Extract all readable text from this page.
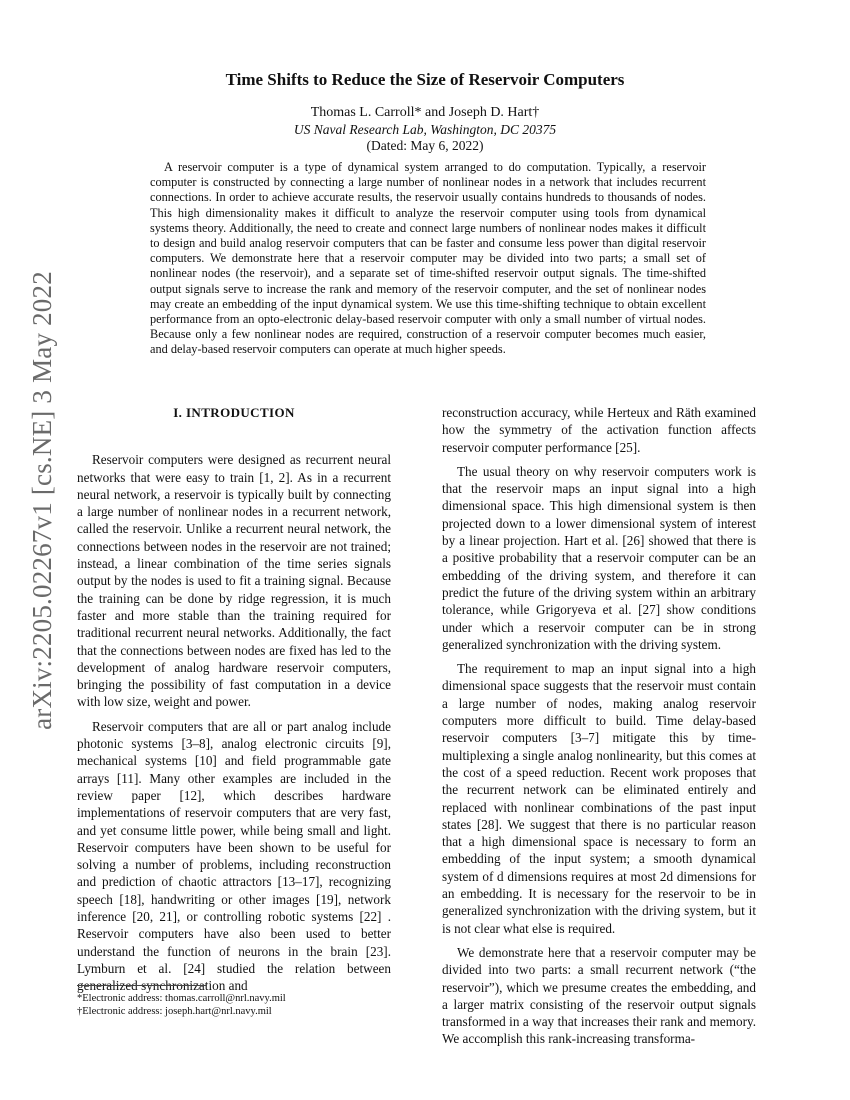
arXiv:2205.02267v1 [cs.NE] 3 May 2022
Time Shifts to Reduce the Size of Reservoir Computers
Thomas L. Carroll* and Joseph D. Hart†
US Naval Research Lab, Washington, DC 20375
(Dated: May 6, 2022)

A reservoir computer is a type of dynamical system arranged to do computation. Typically, a reservoir computer is constructed by connecting a large number of nonlinear nodes in a network that includes recurrent connections. In order to achieve accurate results, the reservoir usually contains hundreds to thousands of nodes. This high dimensionality makes it difficult to analyze the reservoir computer using tools from dynamical systems theory. Additionally, the need to create and connect large numbers of nonlinear nodes makes it difficult to design and build analog reservoir computers that can be faster and consume less power than digital reservoir computers. We demonstrate here that a reservoir computer may be divided into two parts; a small set of nonlinear nodes (the reservoir), and a separate set of time-shifted reservoir output signals. The time-shifted output signals serve to increase the rank and memory of the reservoir computer, and the set of nonlinear nodes may create an embedding of the input dynamical system. We use this time-shifting technique to obtain excellent performance from an opto-electronic delay-based reservoir computer with only a small number of virtual nodes. Because only a few nonlinear nodes are required, construction of a reservoir computer becomes much easier, and delay-based reservoir computers can operate at much higher speeds.

I. INTRODUCTION

Reservoir computers were designed as recurrent neural networks that were easy to train [1, 2]. As in a recurrent neural network, a reservoir is typically built by connecting a large number of nonlinear nodes in a recurrent network, called the reservoir. Unlike a recurrent neural network, the connections between nodes in the reservoir are not trained; instead, a linear combination of the time series signals output by the nodes is used to fit a training signal. Because the training can be done by ridge regression, it is much faster and more stable than the training required for traditional recurrent neural networks. Additionally, the fact that the connections between nodes are fixed has led to the development of analog hardware reservoir computers, bringing the possibility of fast computation in a device with low size, weight and power.

Reservoir computers that are all or part analog include photonic systems [3–8], analog electronic circuits [9], mechanical systems [10] and field programmable gate arrays [11]. Many other examples are included in the review paper [12], which describes hardware implementations of reservoir computers that are very fast, and yet consume little power, while being small and light. Reservoir computers have been shown to be useful for solving a number of problems, including reconstruction and prediction of chaotic attractors [13–17], recognizing speech [18], handwriting or other images [19], network inference [20, 21], or controlling robotic systems [22] . Reservoir computers have also been used to better understand the function of neurons in the brain [23]. Lymburn et al. [24] studied the relation between generalized synchronization and

reconstruction accuracy, while Herteux and Räth examined how the symmetry of the activation function affects reservoir computer performance [25].

The usual theory on why reservoir computers work is that the reservoir maps an input signal into a high dimensional space. This high dimensional system is then projected down to a lower dimensional system of interest by a linear projection. Hart et al. [26] showed that there is a positive probability that a reservoir computer can be an embedding of the driving system, and therefore it can predict the future of the driving system within an arbitrary tolerance, while Grigoryeva et al. [27] show conditions under which a reservoir computer can be in strong generalized synchronization with the driving system.

The requirement to map an input signal into a high dimensional space suggests that the reservoir must contain a large number of nodes, making analog reservoir computers more difficult to build. Time delay-based reservoir computers [3–7] mitigate this by time-multiplexing a single analog nonlinearity, but this comes at the cost of a speed reduction. Recent work proposes that the recurrent network can be eliminated entirely and replaced with nonlinear combinations of the past input states [28]. We suggest that there is no particular reason that a high dimensional space is necessary to form an embedding of the input system; a smooth dynamical system of d dimensions requires at most 2d dimensions for an embedding. It is necessary for the reservoir to be in generalized synchronization with the driving system, but it is not clear what else is required.

We demonstrate here that a reservoir computer may be divided into two parts: a small recurrent network (“the reservoir”), which we presume creates the embedding, and a larger matrix consisting of the reservoir output signals transformed in a way that increases their rank and memory. We accomplish this rank-increasing transforma-

*Electronic address: thomas.carroll@nrl.navy.mil

†Electronic address: joseph.hart@nrl.navy.mil
